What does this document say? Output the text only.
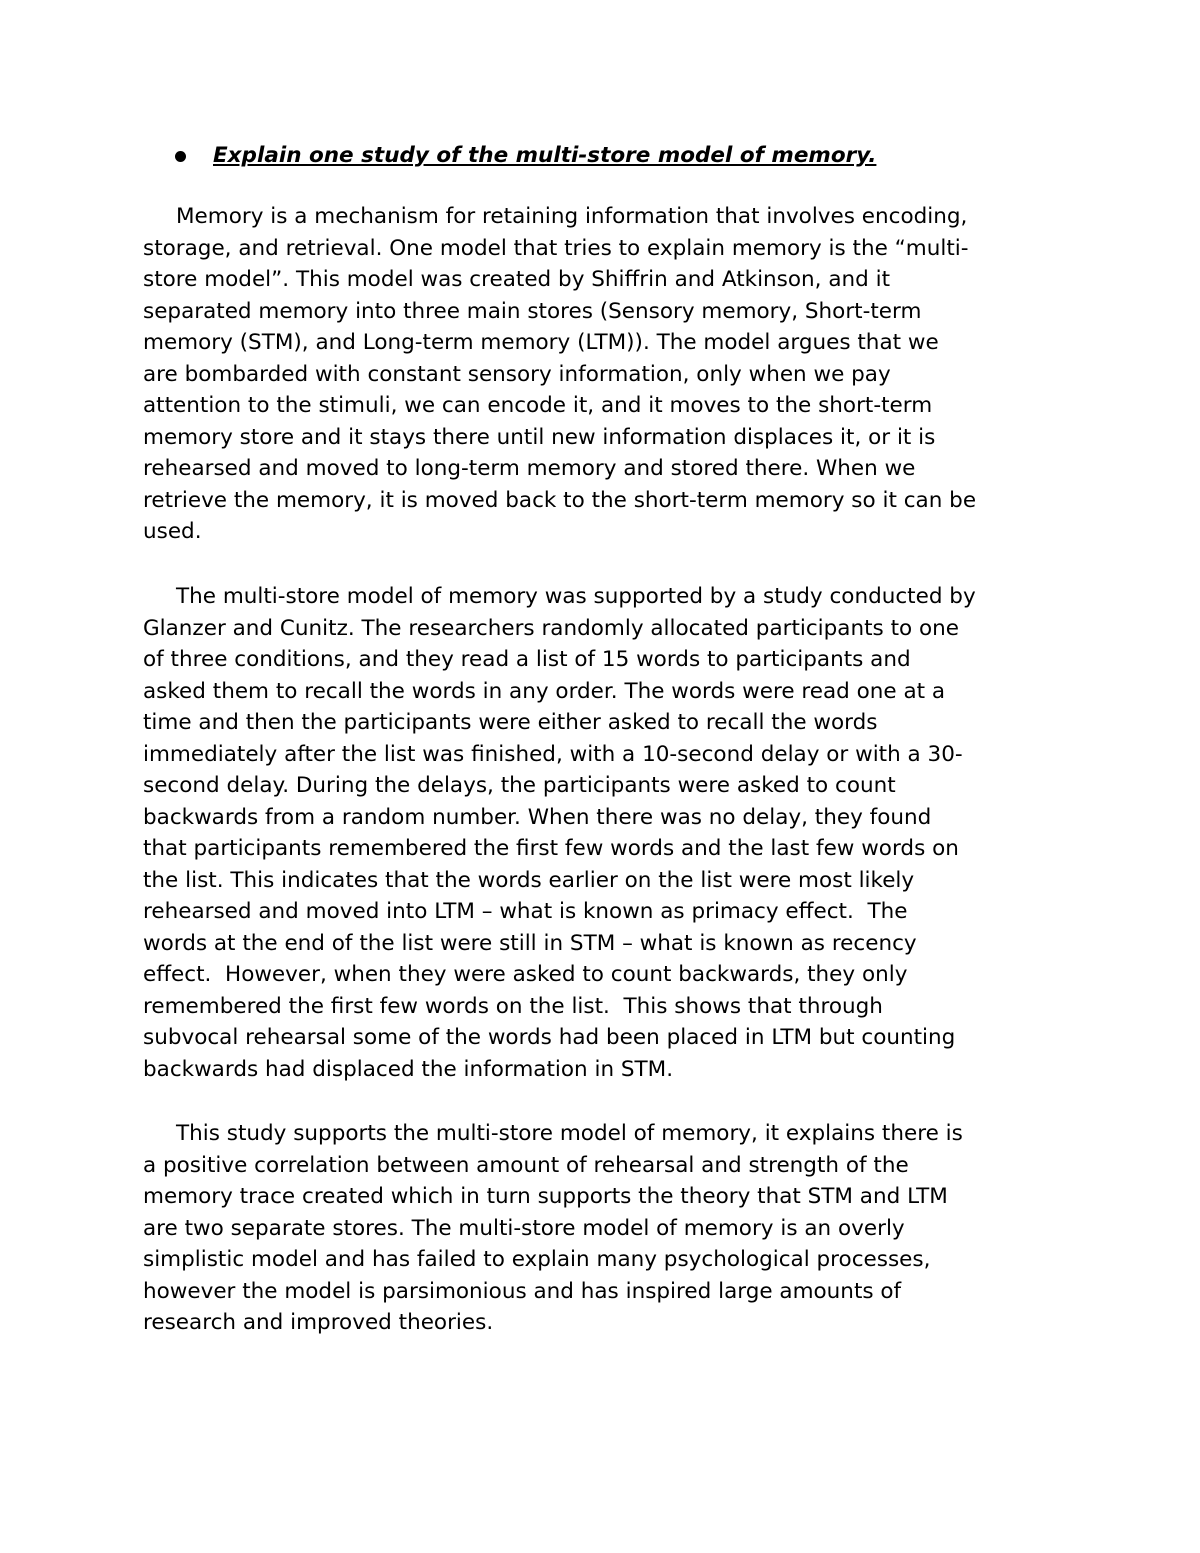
Explain one study of the multi-store model of memory.
Memory is a mechanism for retaining information that involves encoding,
storage, and retrieval. One model that tries to explain memory is the “multi-
store model”. This model was created by Shiffrin and Atkinson, and it
separated memory into three main stores (Sensory memory, Short-term
memory (STM), and Long-term memory (LTM)). The model argues that we
are bombarded with constant sensory information, only when we pay
attention to the stimuli, we can encode it, and it moves to the short-term
memory store and it stays there until new information displaces it, or it is
rehearsed and moved to long-term memory and stored there. When we
retrieve the memory, it is moved back to the short-term memory so it can be
used.
The multi-store model of memory was supported by a study conducted by
Glanzer and Cunitz. The researchers randomly allocated participants to one
of three conditions, and they read a list of 15 words to participants and
asked them to recall the words in any order. The words were read one at a
time and then the participants were either asked to recall the words
immediately after the list was finished, with a 10-second delay or with a 30-
second delay. During the delays, the participants were asked to count
backwards from a random number. When there was no delay, they found
that participants remembered the first few words and the last few words on
the list. This indicates that the words earlier on the list were most likely
rehearsed and moved into LTM – what is known as primacy effect.  The
words at the end of the list were still in STM – what is known as recency
effect.  However, when they were asked to count backwards, they only
remembered the first few words on the list.  This shows that through
subvocal rehearsal some of the words had been placed in LTM but counting
backwards had displaced the information in STM.
This study supports the multi-store model of memory, it explains there is
a positive correlation between amount of rehearsal and strength of the
memory trace created which in turn supports the theory that STM and LTM
are two separate stores. The multi-store model of memory is an overly
simplistic model and has failed to explain many psychological processes,
however the model is parsimonious and has inspired large amounts of
research and improved theories.
